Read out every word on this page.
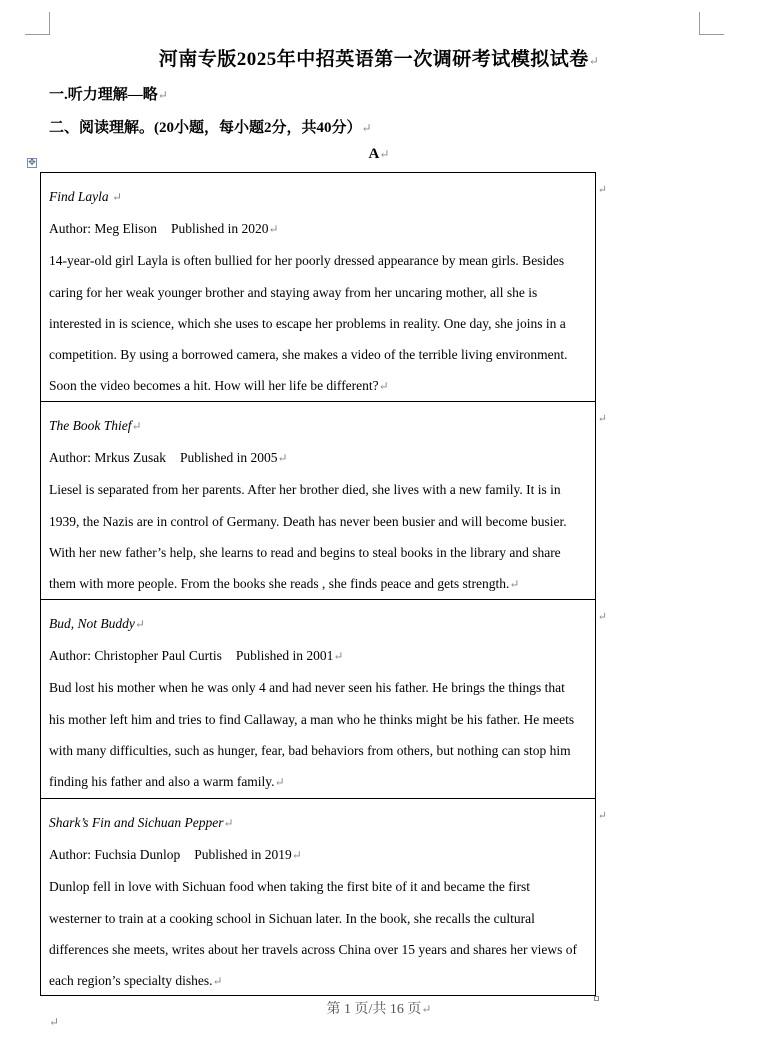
河南专版2025年中招英语第一次调研考试模拟试卷↵
一.听力理解—略↵
二、阅读理解。(20小题，每小题2分，共40分）↵
A↵
✥
Find Layla ↵
Author: Meg Elison Published in 2020↵
14-year-old girl Layla is often bullied for her poorly dressed appearance by mean girls. Besides
caring for her weak younger brother and staying away from her uncaring mother, all she is
interested in is science, which she uses to escape her problems in reality. One day, she joins in a
competition. By using a borrowed camera, she makes a video of the terrible living environment.
Soon the video becomes a hit. How will her life be different?↵
↵
The Book Thief↵
Author: Mrkus Zusak Published in 2005↵
Liesel is separated from her parents. After her brother died, she lives with a new family. It is in
1939, the Nazis are in control of Germany. Death has never been busier and will become busier.
With her new father’s help, she learns to read and begins to steal books in the library and share
them with more people. From the books she reads , she finds peace and gets strength.↵
↵
Bud, Not Buddy↵
Author: Christopher Paul Curtis Published in 2001↵
Bud lost his mother when he was only 4 and had never seen his father. He brings the things that
his mother left him and tries to find Callaway, a man who he thinks might be his father. He meets
with many difficulties, such as hunger, fear, bad behaviors from others, but nothing can stop him
finding his father and also a warm family.↵
↵
Shark’s Fin and Sichuan Pepper↵
Author: Fuchsia Dunlop Published in 2019↵
Dunlop fell in love with Sichuan food when taking the first bite of it and became the first
westerner to train at a cooking school in Sichuan later. In the book, she recalls the cultural
differences she meets, writes about her travels across China over 15 years and shares her views of
each region’s specialty dishes.↵
↵
第 1 页/共 16 页↵
↵
